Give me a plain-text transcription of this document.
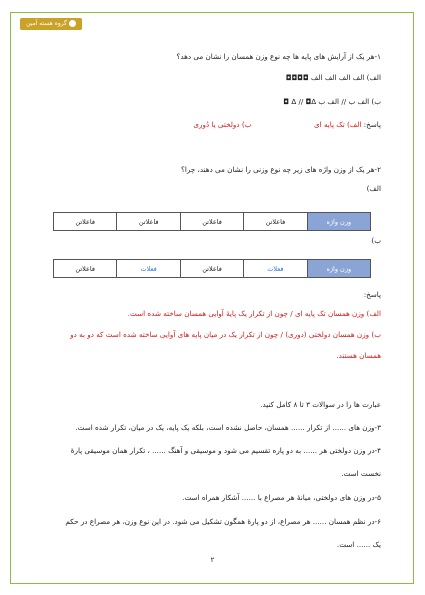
گروه هسته آمین
۱-هر یک از آرایش های پایه ها چه نوع وزن همسان را نشان می دهد؟
الف) الف الف الف الف ◘◘◘◘
ب) الف ب // الف ب ∆◘ // ∆ ◘
پاسخ: الف) تک پایه ای  ب) دولختی یا دُوری
۲-هر یک از وزن واژه های زیر چه نوع وزنی را نشان می دهند، چرا؟
الف)
وزن واژه	فاعلاتن	فاعلاتن	فاعلاتن	فاعلاتن
ب)
وزن واژه	فعلات	فاعلاتن	فعلات	فاعلاتن
پاسخ:
الف) وزن همسان تک پایه ای / چون از تکرار یک پایۀ آوایی همسان ساخته شده است.
ب) وزن همسان دولختی (دوری) / چون از تکرار یک در میان پایه های آوایی ساخته شده است که دو به دو
همسان هستند.
عبارت ها را در سوالات ۳ تا ۸ کامل کنید.
۳-وزن های ...... از تکرار ...... همسان، حاصل نشده است، بلکه یک پایه، یک در میان، تکرار شده است.
۴-در وزن دولختی هر ...... به دو پاره تقسیم می شود و موسیقی و آهنگ ...... ، تکرار همان موسیقی پارۀ
نخست است.
۵-در وزن های دولختی، میانۀ هر مصراع با ...... آشکار همراه است.
۶-در نظم همسان ...... هر مصراع، از دو پارۀ همگون تشکیل می شود. در این نوع وزن، هر مصراع در حکم
یک ...... است.
۲
